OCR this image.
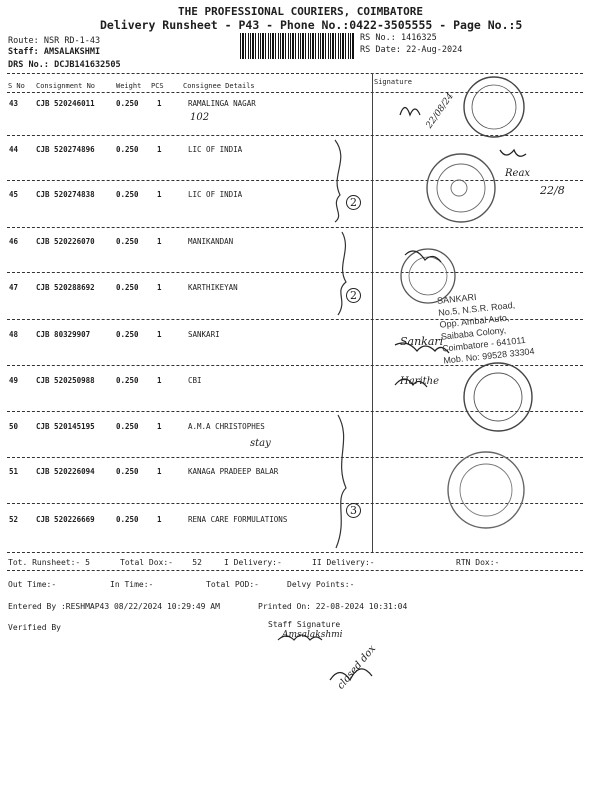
THE PROFESSIONAL COURIERS, COIMBATORE
Delivery Runsheet - P43 - Phone No.:0422-3505555 - Page No.:5
Route: NSR RD-1-43
Staff: AMSALAKSHMI
DRS No.: DCJB141632505
RS No.: 1416325
RS Date: 22-Aug-2024
S No Consignment No	Weight PCS	Consignee Details	Signature
43 CJB 520246011	0.250 1	RAMALINGA NAGAR
44 CJB 520274896	0.250 1	LIC OF INDIA
45 CJB 520274838	0.250 1	LIC OF INDIA
46 CJB 520226070	0.250 1	MANIKANDAN
47 CJB 520288692	0.250 1	KARTHIKEYAN
48 CJB 80329907	0.250 1	SANKARI
49 CJB 520250988	0.250 1	CBI
50 CJB 520145195	0.250 1	A.M.A CHRISTOPHES
51 CJB 520226094	0.250 1	KANAGA PRADEEP BALAR
52 CJB 520226669	0.250 1	RENA CARE FORMULATIONS
Tot. Runsheet:- 5	Total Dox:-    52	I Delivery:-	II Delivery:-	RTN Dox:-
Out Time:-	In Time:-	Total POD:-	Delvy Points:-
Entered By :RESHMAP43 08/22/2024 10:29:49 AM	Printed On: 22-08-2024 10:31:04
Verified By	Staff Signature
102	22/08/24
Reax
22/8
2
2
Sankari
Harithe
stay
3
Amsalakshmi
closed dox
SANKARI
No.5, N.S.R. Road,
Opp. Ambal Auto,
Saibaba Colony,
Coimbatore - 641011
Mob. No: 99528 33304
